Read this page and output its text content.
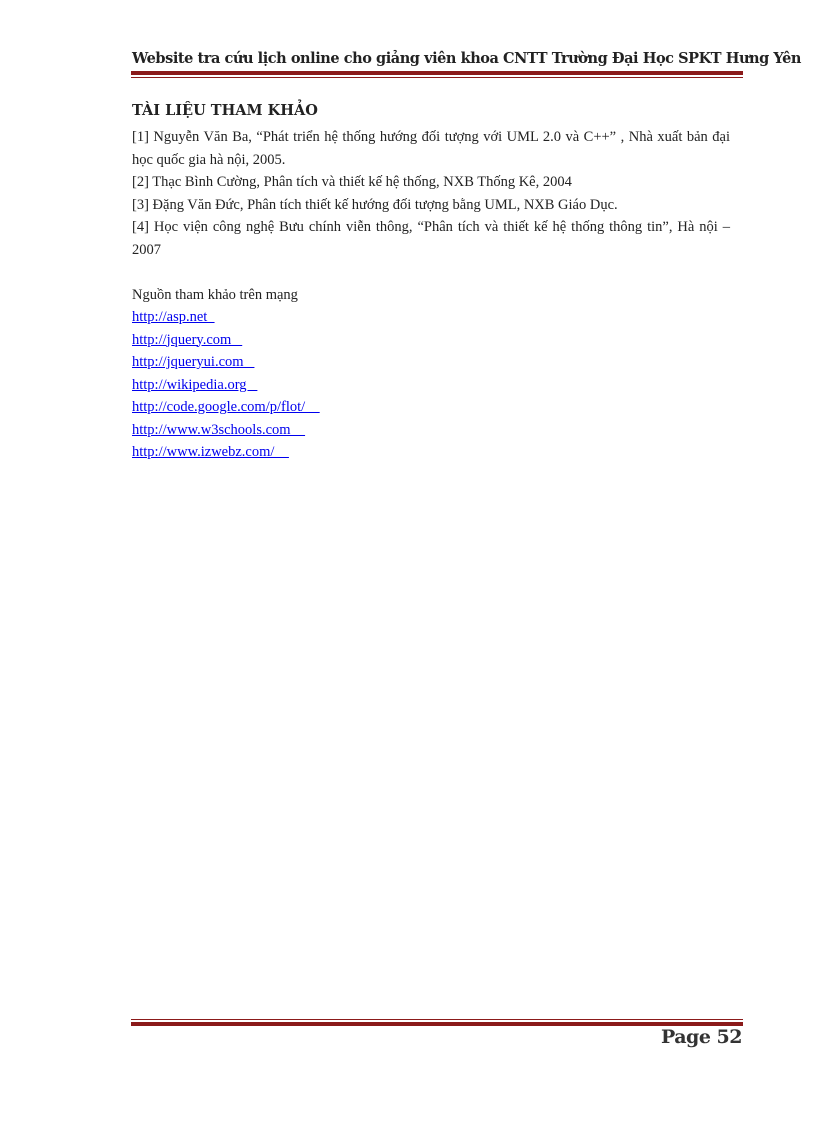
Website tra cứu lịch online cho giảng viên khoa CNTT Trường Đại Học SPKT Hưng Yên
TÀI LIỆU THAM KHẢO
[1] Nguyễn Văn Ba, “Phát triển hệ thống hướng đối tượng với UML 2.0 và C++” , Nhà xuất bản đại học quốc gia hà nội, 2005.
[2] Thạc Bình Cường, Phân tích và thiết kế hệ thống, NXB Thống Kê, 2004
[3] Đặng Văn Đức, Phân tích thiết kế hướng đối tượng bằng UML, NXB Giáo Dục.
[4] Học viện công nghệ Bưu chính viễn thông, “Phân tích và thiết kế hệ thống thông tin”, Hà nội – 2007
Nguồn tham khảo trên mạng
http://asp.net
http://jquery.com
http://jqueryui.com
http://wikipedia.org
http://code.google.com/p/flot/
http://www.w3schools.com
http://www.izwebz.com/
Page 52
